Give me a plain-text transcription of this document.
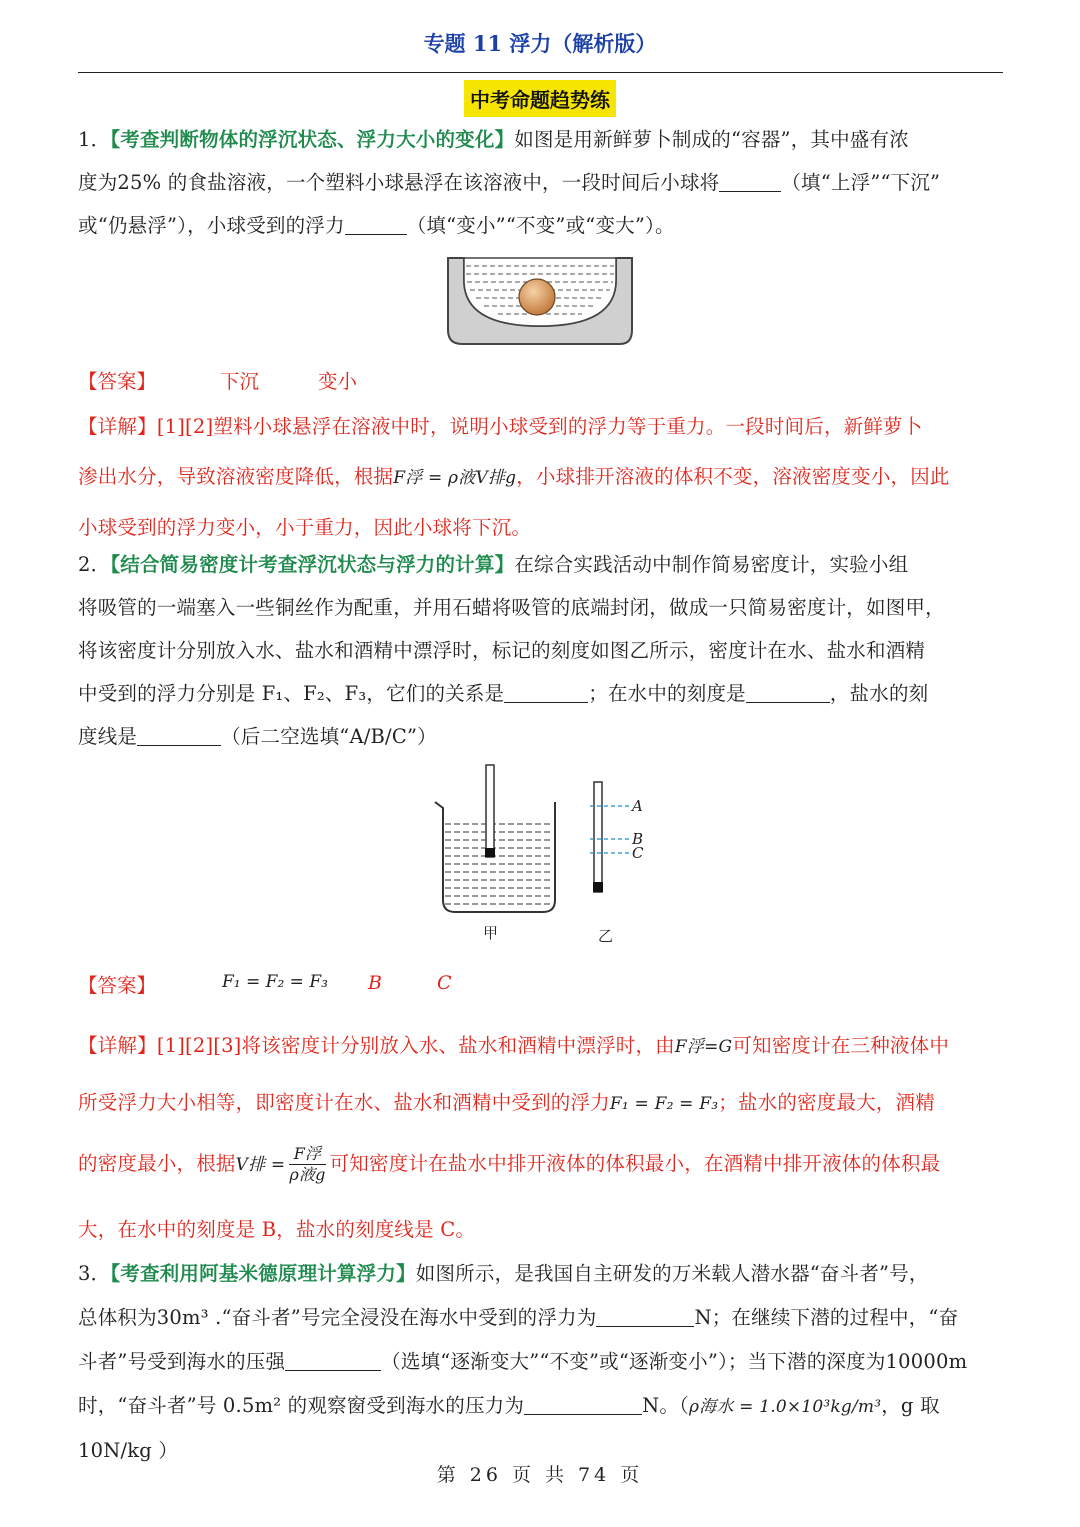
专题 11 浮力（解析版）
中考命题趋势练
1．【考查判断物体的浮沉状态、浮力大小的变化】如图是用新鲜萝卜制成的“容器”，其中盛有浓
度为25% 的食盐溶液，一个塑料小球悬浮在该溶液中，一段时间后小球将	（填“上浮”“下沉”
或“仍悬浮”），小球受到的浮力	（填“变小”“不变”或“变大”）。
【答案】	下沉	变小
【详解】[1][2]塑料小球悬浮在溶液中时，说明小球受到的浮力等于重力。一段时间后，新鲜萝卜
渗出水分，导致溶液密度降低，根据F浮 = ρ液V排g，小球排开溶液的体积不变，溶液密度变小，因此
小球受到的浮力变小，小于重力，因此小球将下沉。
2．【结合简易密度计考查浮沉状态与浮力的计算】在综合实践活动中制作简易密度计，实验小组
将吸管的一端塞入一些铜丝作为配重，并用石蜡将吸管的底端封闭，做成一只简易密度计，如图甲，
将该密度计分别放入水、盐水和酒精中漂浮时，标记的刻度如图乙所示，密度计在水、盐水和酒精
中受到的浮力分别是 F₁、F₂、F₃，它们的关系是	；在水中的刻度是	，盐水的刻
度线是	（后二空选填“A/B/C”）
甲
A
B
C
乙
【答案】	F₁ = F₂ = F₃ B	C
【详解】[1][2][3]将该密度计分别放入水、盐水和酒精中漂浮时，由F浮=G可知密度计在三种液体中
所受浮力大小相等，即密度计在水、盐水和酒精中受到的浮力F₁ = F₂ = F₃；盐水的密度最大，酒精
的密度最小，根据V排 =
F浮
ρ液g 可知密度计在盐水中排开液体的体积最小，在酒精中排开液体的体积最
大，在水中的刻度是 B，盐水的刻度线是 C。
3．【考查利用阿基米德原理计算浮力】如图所示，是我国自主研发的万米载人潜水器“奋斗者”号，
总体积为30m³ .“奋斗者”号完全浸没在海水中受到的浮力为	N；在继续下潜的过程中，“奋
斗者”号受到海水的压强	（选填“逐渐变大”“不变”或“逐渐变小”）；当下潜的深度为10000m
时，“奋斗者”号 0.5m² 的观察窗受到海水的压力为	N。（ρ海水 = 1.0×10³kg/m³，g 取10N/kg ）
第 26 页 共 74 页
